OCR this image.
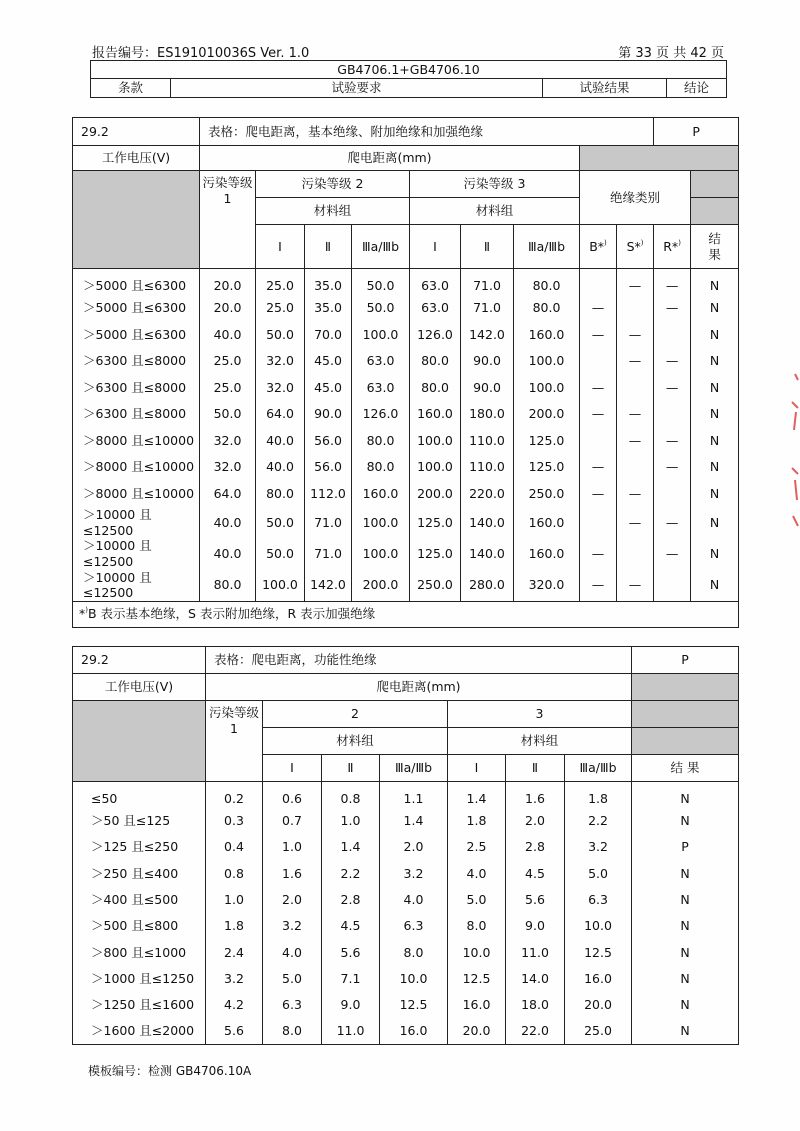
报告编号：ES191010036S Ver. 1.0	第 33 页 共 42 页
GB4706.1+GB4706.10
条款	试验要求	试验结果	结论
29.2	表格：爬电距离，基本绝缘、附加绝缘和加强绝缘									P	
工作电压(V)	爬电距离(mm)										
	污染等级 1	污染等级 2			污染等级 3			绝缘类别			
		材料组			材料组						
		Ⅰ	Ⅱ	Ⅲa/Ⅲb	Ⅰ	Ⅱ	Ⅲa/Ⅲb	B*)	S*)	R*)	结果
＞5000 且≤6300	20.0	25.0	35.0	50.0	63.0	71.0	80.0		—	—	N
＞5000 且≤6300	20.0	25.0	35.0	50.0	63.0	71.0	80.0	—		—	N
＞5000 且≤6300	40.0	50.0	70.0	100.0	126.0	142.0	160.0	—	—		N
＞6300 且≤8000	25.0	32.0	45.0	63.0	80.0	90.0	100.0		—	—	N
＞6300 且≤8000	25.0	32.0	45.0	63.0	80.0	90.0	100.0	—		—	N
＞6300 且≤8000	50.0	64.0	90.0	126.0	160.0	180.0	200.0	—	—		N
＞8000 且≤10000	32.0	40.0	56.0	80.0	100.0	110.0	125.0		—	—	N
＞8000 且≤10000	32.0	40.0	56.0	80.0	100.0	110.0	125.0	—		—	N
＞8000 且≤10000	64.0	80.0	112.0	160.0	200.0	220.0	250.0	—	—		N
＞10000 且≤12500	40.0	50.0	71.0	100.0	125.0	140.0	160.0		—	—	N
＞10000 且≤12500	40.0	50.0	71.0	100.0	125.0	140.0	160.0	—		—	N
＞10000 且≤12500	80.0	100.0	142.0	200.0	250.0	280.0	320.0	—	—		N
*)B 表示基本绝缘，S 表示附加绝缘，R 表示加强绝缘											
29.2	表格：爬电距离，功能性绝缘							P
工作电压(V)	爬电距离(mm)							
	污染等级 1	2			3			
		材料组			材料组			
		Ⅰ	Ⅱ	Ⅲa/Ⅲb	Ⅰ	Ⅱ	Ⅲa/Ⅲb	结 果
≤50	0.2	0.6	0.8	1.1	1.4	1.6	1.8	N
＞50 且≤125	0.3	0.7	1.0	1.4	1.8	2.0	2.2	N
＞125 且≤250	0.4	1.0	1.4	2.0	2.5	2.8	3.2	P
＞250 且≤400	0.8	1.6	2.2	3.2	4.0	4.5	5.0	N
＞400 且≤500	1.0	2.0	2.8	4.0	5.0	5.6	6.3	N
＞500 且≤800	1.8	3.2	4.5	6.3	8.0	9.0	10.0	N
＞800 且≤1000	2.4	4.0	5.6	8.0	10.0	11.0	12.5	N
＞1000 且≤1250	3.2	5.0	7.1	10.0	12.5	14.0	16.0	N
＞1250 且≤1600	4.2	6.3	9.0	12.5	16.0	18.0	20.0	N
＞1600 且≤2000	5.6	8.0	11.0	16.0	20.0	22.0	25.0	N
模板编号：检测 GB4706.10A
